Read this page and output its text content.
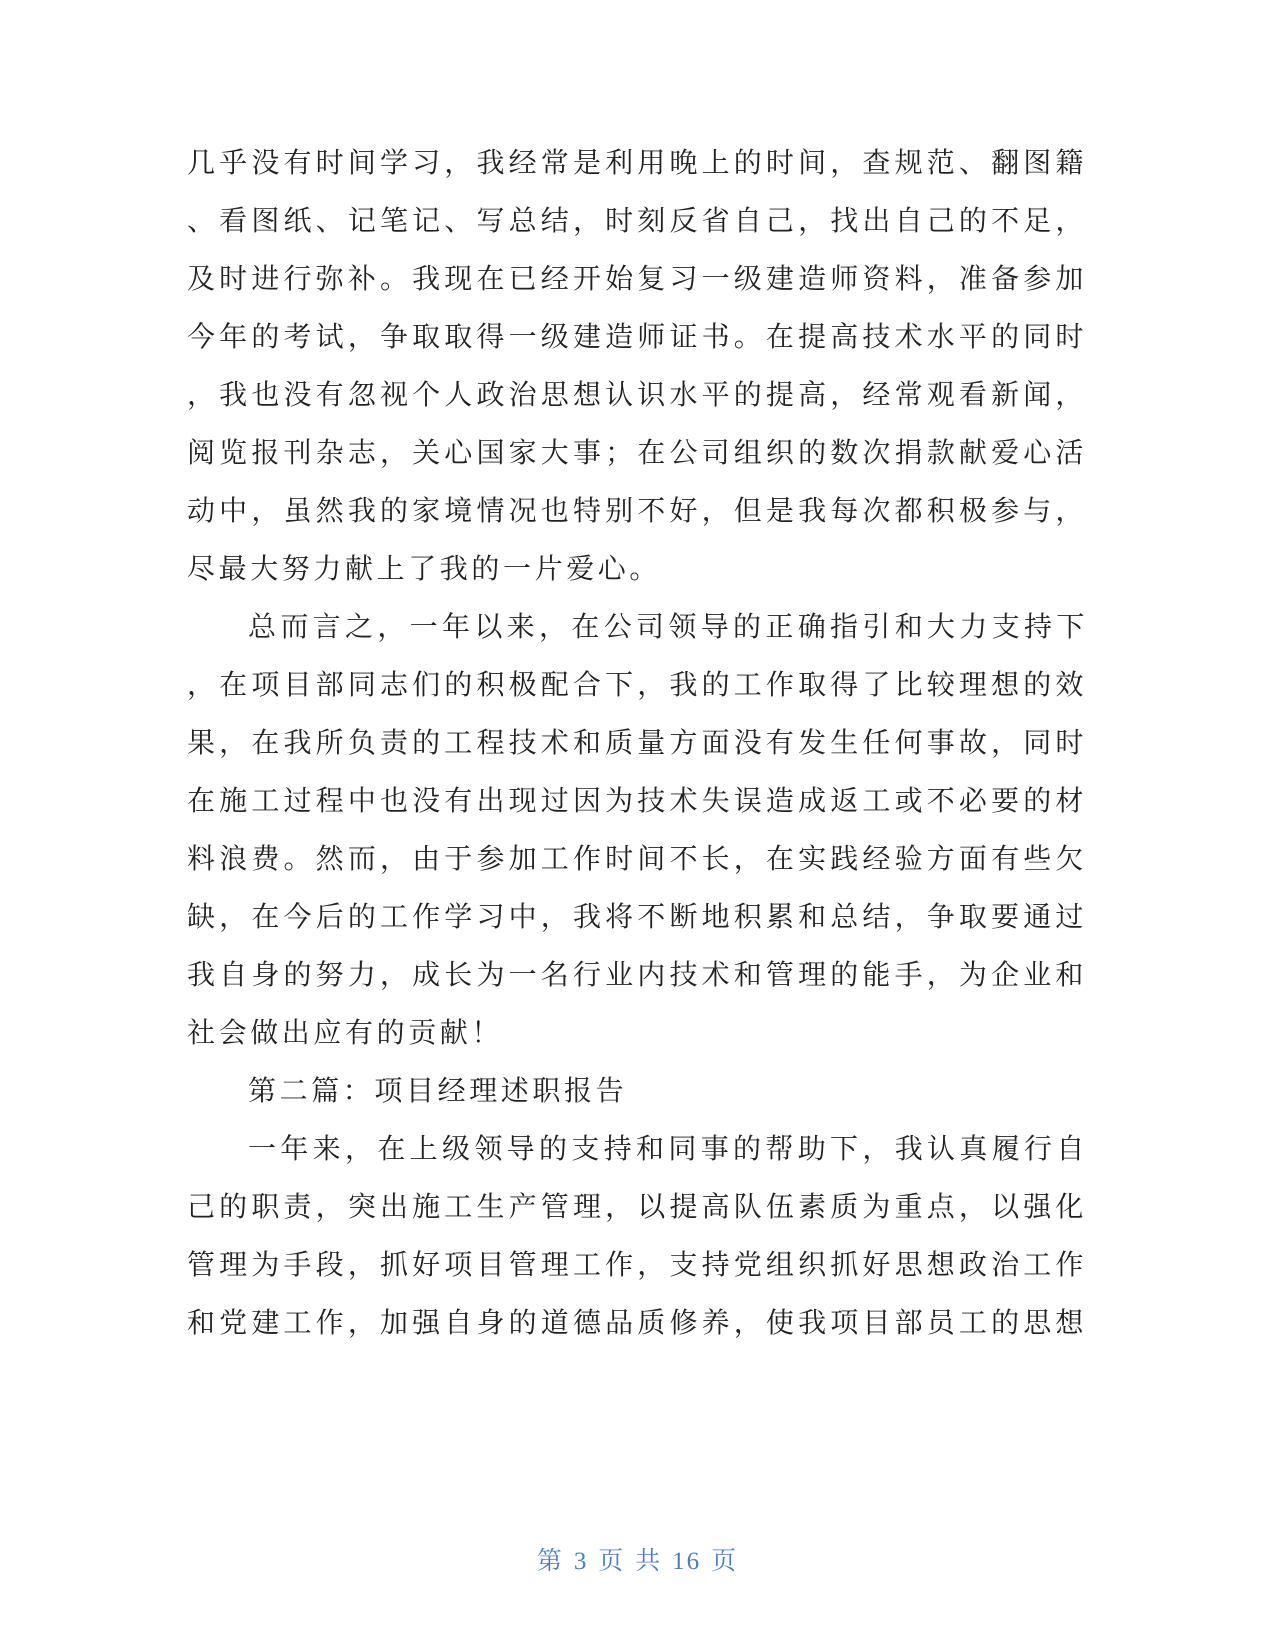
几乎没有时间学习，我经常是利用晚上的时间，查规范、翻图籍
、看图纸、记笔记、写总结，时刻反省自己，找出自己的不足，
及时进行弥补。我现在已经开始复习一级建造师资料，准备参加
今年的考试，争取取得一级建造师证书。在提高技术水平的同时
，我也没有忽视个人政治思想认识水平的提高，经常观看新闻，
阅览报刊杂志，关心国家大事；在公司组织的数次捐款献爱心活
动中，虽然我的家境情况也特别不好，但是我每次都积极参与，
尽最大努力献上了我的一片爱心。
总而言之，一年以来，在公司领导的正确指引和大力支持下
，在项目部同志们的积极配合下，我的工作取得了比较理想的效
果，在我所负责的工程技术和质量方面没有发生任何事故，同时
在施工过程中也没有出现过因为技术失误造成返工或不必要的材
料浪费。然而，由于参加工作时间不长，在实践经验方面有些欠
缺，在今后的工作学习中，我将不断地积累和总结，争取要通过
我自身的努力，成长为一名行业内技术和管理的能手，为企业和
社会做出应有的贡献！
第二篇：项目经理述职报告
一年来，在上级领导的支持和同事的帮助下，我认真履行自
己的职责，突出施工生产管理，以提高队伍素质为重点，以强化
管理为手段，抓好项目管理工作，支持党组织抓好思想政治工作
和党建工作，加强自身的道德品质修养，使我项目部员工的思想
第 3 页 共 16 页
